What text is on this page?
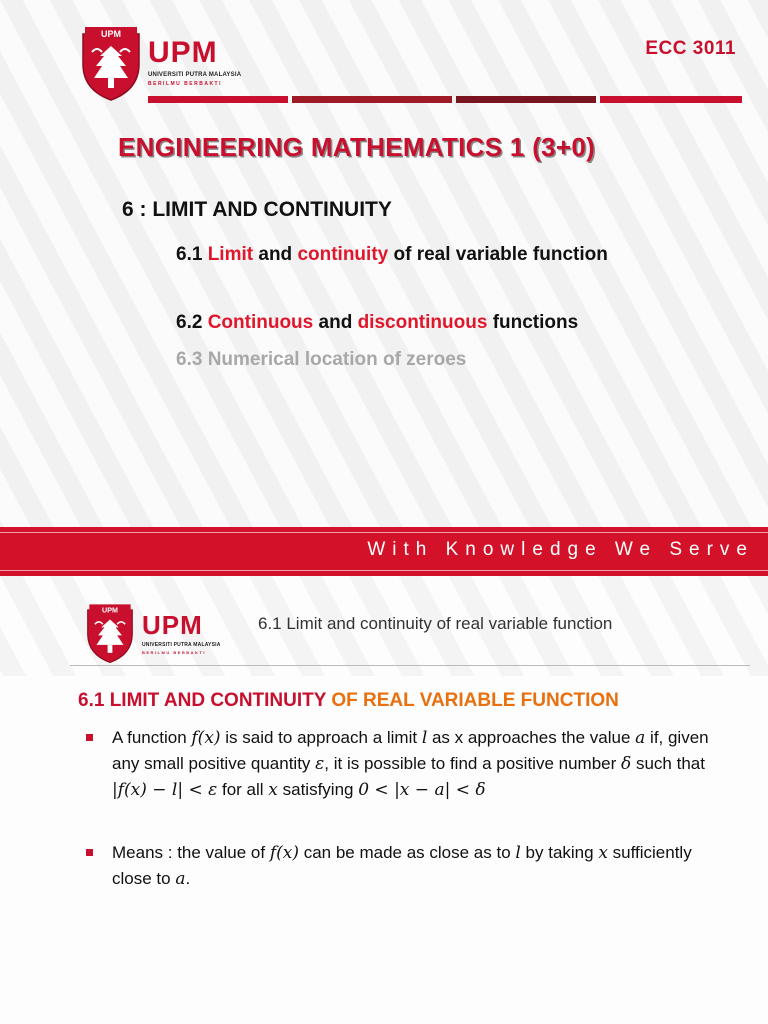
UPM
UPM
UNIVERSITI PUTRA MALAYSIA
BERILMU BERBAKTI
ECC 3011
ENGINEERING MATHEMATICS 1 (3+0)
6 : LIMIT AND CONTINUITY
6.1 Limit and continuity of real variable function
6.2 Continuous and discontinuous functions
6.3 Numerical location of zeroes
With Knowledge We Serve
UPM UPM
UNIVERSITI PUTRA MALAYSIA
BERILMU BERBAKTI
6.1 Limit and continuity of real variable function
6.1 LIMIT AND CONTINUITY OF REAL VARIABLE FUNCTION
A function f(x) is said to approach a limit l as x approaches the value a if, given any small positive quantity ε, it is possible to find a positive number δ such that |f(x) − l| < ε for all x satisfying 0 < |x − a| < δ
Means : the value of f(x) can be made as close as to l by taking x sufficiently close to a.
